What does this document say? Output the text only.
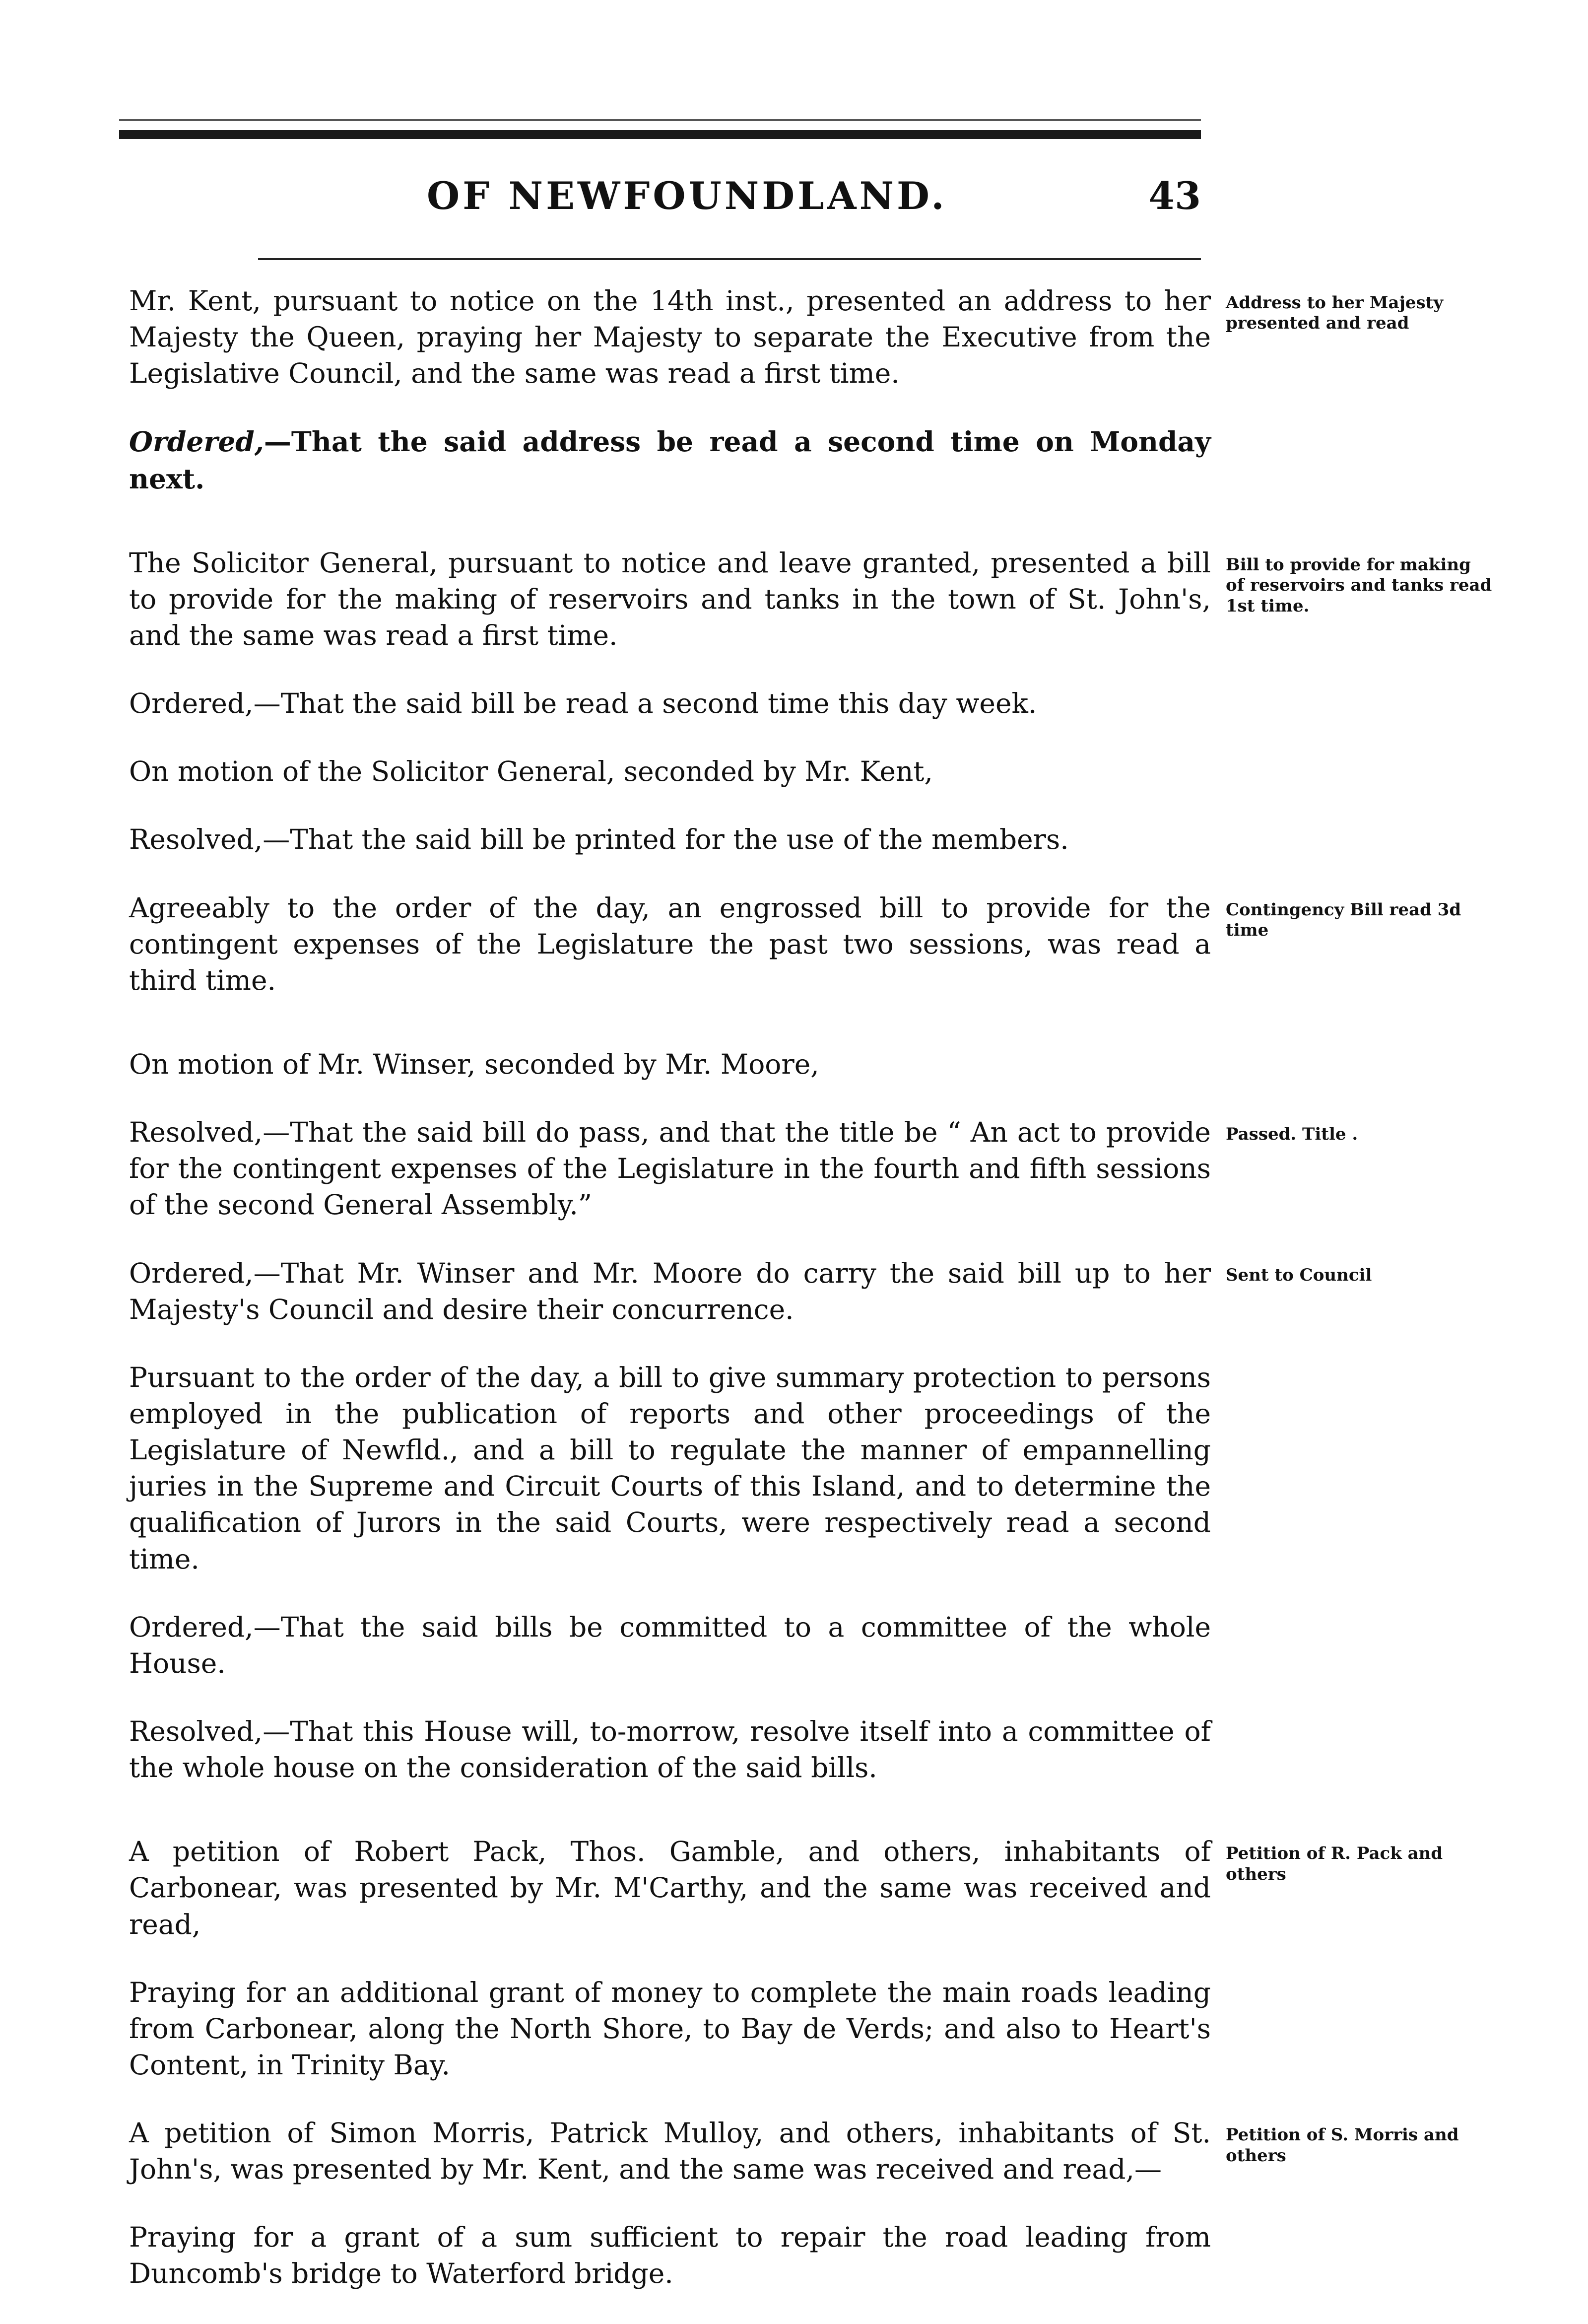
OF NEWFOUNDLAND.	43

Mr. Kent, pursuant to notice on the 14th inst., presented an address to her Majesty the Queen, praying her Majesty to separate the Executive from the Legislative Council, and the same was read a first time.

Address to her Majesty presented and read

Ordered,—That the said address be read a second time on Monday next.

The Solicitor General, pursuant to notice and leave granted, presented a bill to provide for the making of reservoirs and tanks in the town of St. John's, and the same was read a first time.

Bill to provide for making of reservoirs and tanks read 1st time.

Ordered,—That the said bill be read a second time this day week.

On motion of the Solicitor General, seconded by Mr. Kent,

Resolved,—That the said bill be printed for the use of the members.

Agreeably to the order of the day, an engrossed bill to provide for the contingent expenses of the Legislature the past two sessions, was read a third time.

Contingency Bill read 3d time

On motion of Mr. Winser, seconded by Mr. Moore,

Resolved,—That the said bill do pass, and that the title be “ An act to provide for the contingent expenses of the Legislature in the fourth and fifth sessions of the second General Assembly.”

Passed. Title .

Ordered,—That Mr. Winser and Mr. Moore do carry the said bill up to her Majesty's Council and desire their concurrence.

Sent to Council

Pursuant to the order of the day, a bill to give summary protection to persons employed in the publication of reports and other proceedings of the Legislature of Newfld., and a bill to regulate the manner of empannelling juries in the Supreme and Circuit Courts of this Island, and to determine the qualification of Jurors in the said Courts, were respectively read a second time.

Ordered,—That the said bills be committed to a committee of the whole House.

Resolved,—That this House will, to-morrow, resolve itself into a committee of the whole house on the consideration of the said bills.

A petition of Robert Pack, Thos. Gamble, and others, inhabitants of Carbonear, was presented by Mr. M'Carthy, and the same was received and read,

Petition of R. Pack and others

Praying for an additional grant of money to complete the main roads leading from Carbonear, along the North Shore, to Bay de Verds; and also to Heart's Content, in Trinity Bay.

A petition of Simon Morris, Patrick Mulloy, and others, inhabitants of St. John's, was presented by Mr. Kent, and the same was received and read,—

Petition of S. Morris and others

Praying for a grant of a sum sufficient to repair the road leading from Duncomb's bridge to Waterford bridge.
